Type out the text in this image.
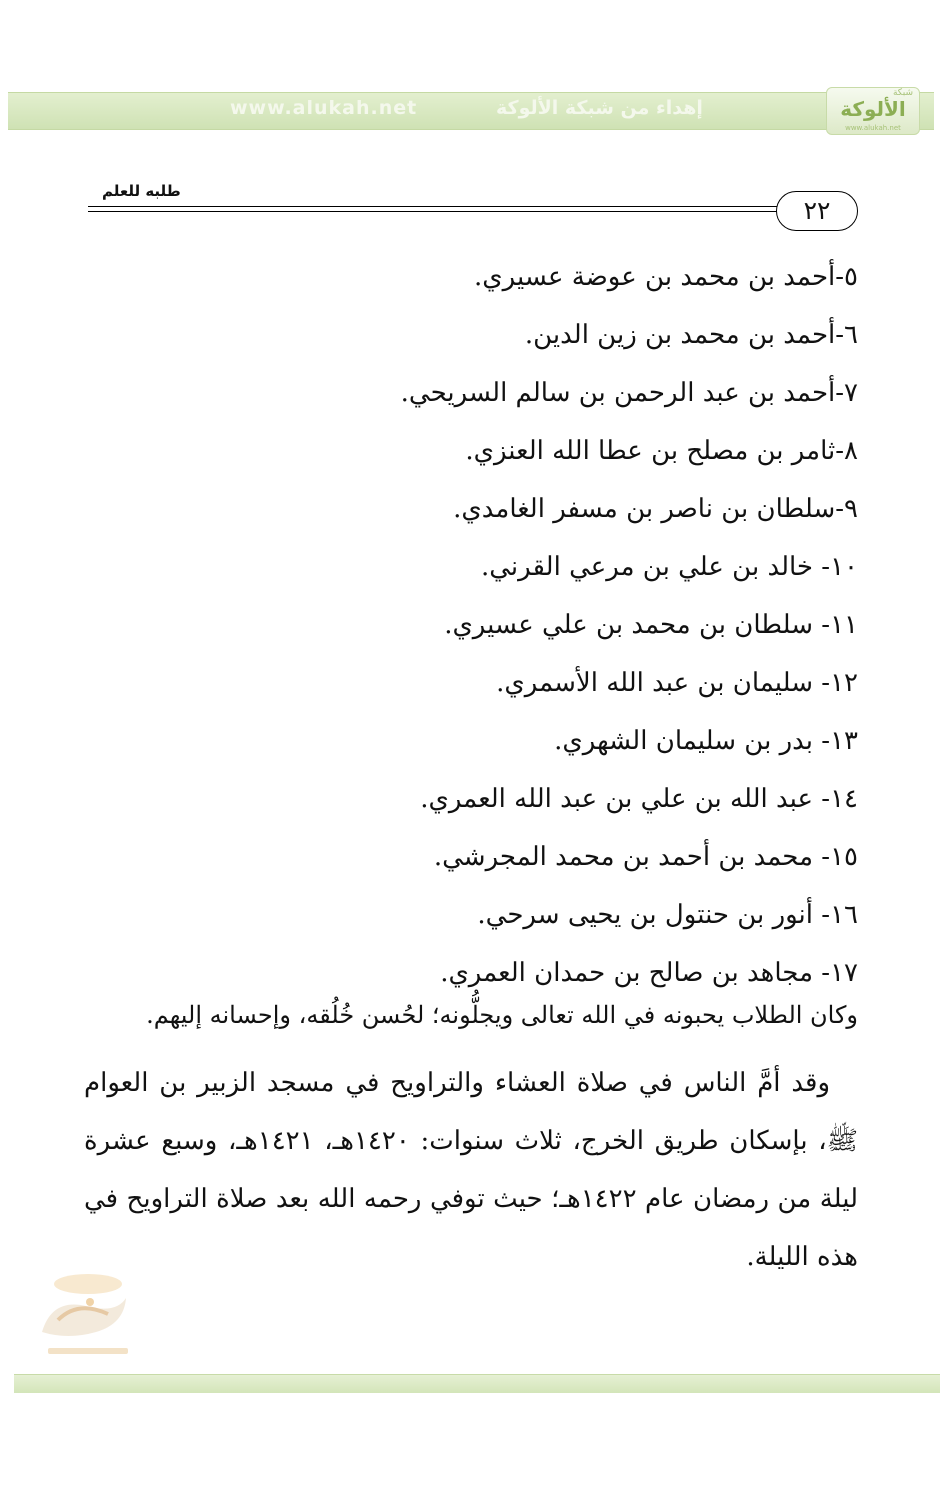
www.alukah.net	إهداء من شبكة الألوكة
شبكة
الألوكة
www.alukah.net
طلبه للعلم
٢٢
٥-أحمد بن محمد بن عوضة عسيري.
٦-أحمد بن محمد بن زين الدين.
٧-أحمد بن عبد الرحمن بن سالم السريحي.
٨-ثامر بن مصلح بن عطا الله العنزي.
٩-سلطان بن ناصر بن مسفر الغامدي.
١٠- خالد بن علي بن مرعي القرني.
١١- سلطان بن محمد بن علي عسيري.
١٢- سليمان بن عبد الله الأسمري.
١٣- بدر بن سليمان الشهري.
١٤- عبد الله بن علي بن عبد الله العمري.
١٥- محمد بن أحمد بن محمد المجرشي.
١٦- أنور بن حنتول بن يحيى سرحي.
١٧- مجاهد بن صالح بن حمدان العمري.
وكان الطلاب يحبونه في الله تعالى ويجلُّونه؛ لحُسن خُلُقه، وإحسانه إليهم.
وقد أمَّ الناس في صلاة العشاء والتراويح في مسجد الزبير بن العوام ﷺ، بإسكان طريق الخرج، ثلاث سنوات: ١٤٢٠هـ، ١٤٢١هـ، وسبع عشرة ليلة من رمضان عام ١٤٢٢هـ؛ حيث توفي رحمه الله بعد صلاة التراويح في هذه الليلة.
